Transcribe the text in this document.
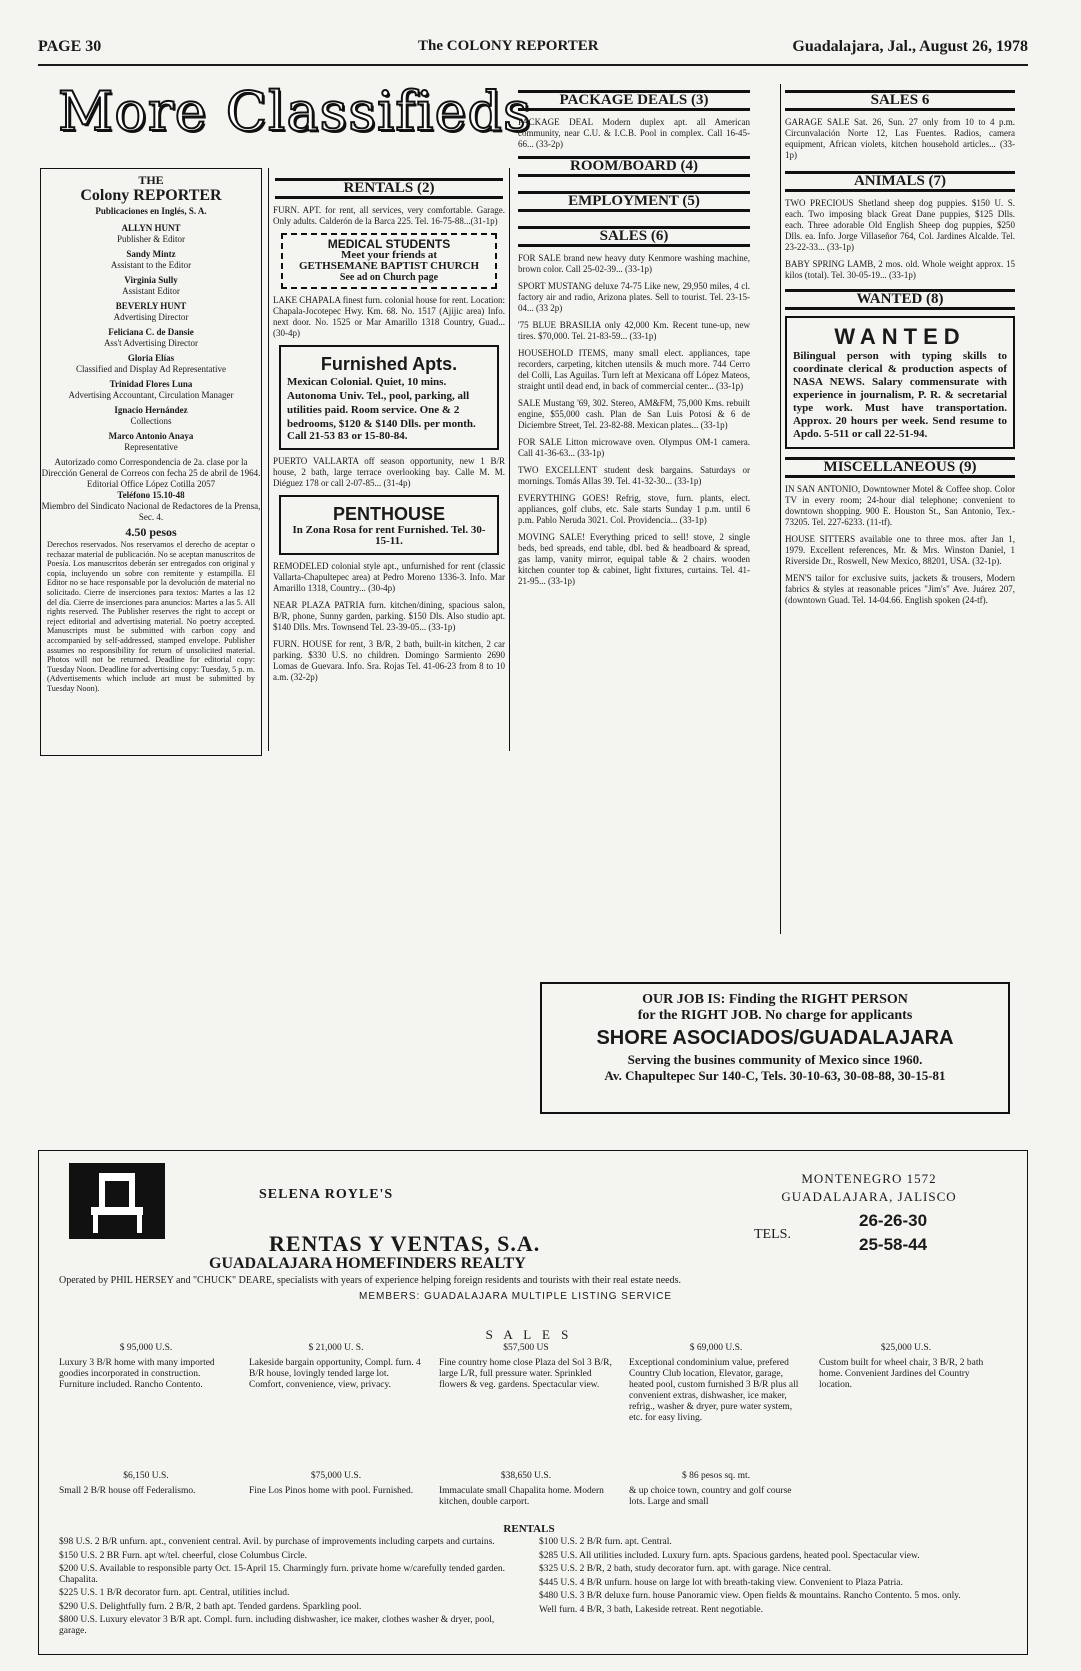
PAGE 30	The COLONY REPORTER	Guadalajara, Jal., August 26, 1978
More Classifieds

THE

Colony REPORTER

Publicaciones en Inglés, S. A.

ALLYN HUNT

Publisher & Editor

Sandy Mintz

Assistant to the Editor

Virginia Sully

Assistant Editor

BEVERLY HUNT

Advertising Director

Feliciana C. de Dansie

Ass't Advertising Director

Gloria Elías

Classified and Display Ad Representative

Trinidad Flores Luna

Advertising Accountant, Circulation Manager

Ignacio Hernández

Collections

Marco Antonio Anaya

Representative

Autorizado como Correspondencia de 2a. clase por la Dirección General de Correos con fecha 25 de abril de 1964.

Editorial Office López Cotilla 2057

Teléfono 15.10-48

Miembro del Sindicato Nacional de Redactores de la Prensa, Sec. 4.

4.50 pesos

Derechos reservados. Nos reservamos el derecho de aceptar o rechazar material de publicación. No se aceptan manuscritos de Poesía. Los manuscritos deberán ser entregados con original y copia, incluyendo un sobre con remitente y estampilla. El Editor no se hace responsable por la devolución de material no solicitado. Cierre de inserciones para textos: Martes a las 12 del día. Cierre de inserciones para anuncios: Martes a las 5. All rights reserved. The Publisher reserves the right to accept or reject editorial and advertising material. No poetry accepted. Manuscripts must be submitted with carbon copy and accompanied by self-addressed, stamped envelope. Publisher assumes no responsibility for return of unsolicited material. Photos will not be returned. Deadline for editorial copy: Tuesday Noon. Deadline for advertising copy: Tuesday, 5 p. m. (Advertisements which include art must be submitted by Tuesday Noon).

RENTALS (2)
FURN. APT. for rent, all services, very comfortable. Garage. Only adults. Calderón de la Barca 225. Tel. 16-75-88...(31-1p)
MEDICAL STUDENTS
Meet your friends at
GETHSEMANE BAPTIST CHURCH
See ad on Church page
LAKE CHAPALA finest furn. colonial house for rent. Location: Chapala-Jocotepec Hwy. Km. 68. No. 1517 (Ajijic area) Info. next door. No. 1525 or Mar Amarillo 1318 Country, Guad... (30-4p)
Furnished Apts.
Mexican Colonial. Quiet, 10 mins. Autonoma Univ. Tel., pool, parking, all utilities paid. Room service. One & 2 bedrooms, $120 & $140 Dlls. per month.
Call 21-53 83 or 15-80-84.
PUERTO VALLARTA off season opportunity, new 1 B/R house, 2 bath, large terrace overlooking bay. Calle M. M. Diéguez 178 or call 2-07-85... (31-4p)
PENTHOUSE
In Zona Rosa for rent Furnished. Tel. 30-15-11.
REMODELED colonial style apt., unfurnished for rent (classic Vallarta-Chapultepec area) at Pedro Moreno 1336-3. Info. Mar Amarillo 1318, Country... (30-4p)
NEAR PLAZA PATRIA furn. kitchen/dining, spacious salon, B/R, phone, Sunny garden, parking. $150 Dls. Also studio apt. $140 Dlls. Mrs. Townsend Tel. 23-39-05... (33-1p)
FURN. HOUSE for rent, 3 B/R, 2 bath, built-in kitchen, 2 car parking. $330 U.S. no children. Domingo Sarmiento 2690 Lomas de Guevara. Info. Sra. Rojas Tel. 41-06-23 from 8 to 10 a.m. (32-2p)
PACKAGE DEALS (3)
PACKAGE DEAL Modern duplex apt. all American community, near C.U. & I.C.B. Pool in complex. Call 16-45-66... (33-2p)
ROOM/BOARD (4)
EMPLOYMENT (5)
SALES (6)
FOR SALE brand new heavy duty Kenmore washing machine, brown color. Call 25-02-39... (33-1p)
SPORT MUSTANG deluxe 74-75 Like new, 29,950 miles, 4 cl. factory air and radio, Arizona plates. Sell to tourist. Tel. 23-15-04... (33 2p)
'75 BLUE BRASILIA only 42,000 Km. Recent tune-up, new tires. $70,000. Tel. 21-83-59... (33-1p)
HOUSEHOLD ITEMS, many small elect. appliances, tape recorders, carpeting, kitchen utensils & much more. 744 Cerro del Colli, Las Aguilas. Turn left at Mexicana off López Mateos, straight until dead end, in back of commercial center... (33-1p)
SALE Mustang '69, 302. Stereo, AM&FM, 75,000 Kms. rebuilt engine, $55,000 cash. Plan de San Luis Potosí & 6 de Diciembre Street, Tel. 23-82-88. Mexican plates... (33-1p)
FOR SALE Litton microwave oven. Olympus OM-1 camera. Call 41-36-63... (33-1p)
TWO EXCELLENT student desk bargains. Saturdays or mornings. Tomás Allas 39. Tel. 41-32-30... (33-1p)
EVERYTHING GOES! Refrig, stove, furn. plants, elect. appliances, golf clubs, etc. Sale starts Sunday 1 p.m. until 6 p.m. Pablo Neruda 3021. Col. Providencia... (33-1p)
MOVING SALE! Everything priced to sell! stove, 2 single beds, bed spreads, end table, dbl. bed & headboard & spread, gas lamp, vanity mirror, equipal table & 2 chairs. wooden kitchen counter top & cabinet, light fixtures, curtains. Tel. 41-21-95... (33-1p)
SALES 6
GARAGE SALE Sat. 26, Sun. 27 only from 10 to 4 p.m. Circunvalación Norte 12, Las Fuentes. Radios, camera equipment, African violets, kitchen household articles... (33-1p)
ANIMALS (7)
TWO PRECIOUS Shetland sheep dog puppies. $150 U. S. each. Two imposing black Great Dane puppies, $125 Dlls. each. Three adorable Old English Sheep dog puppies, $250 Dlls. ea. Info. Jorge Villaseñor 764, Col. Jardines Alcalde. Tel. 23-22-33... (33-1p)
BABY SPRING LAMB, 2 mos. old. Whole weight approx. 15 kilos (total). Tel. 30-05-19... (33-1p)
WANTED (8)
WANTED
Bilingual person with typing skills to coordinate clerical & production aspects of NASA NEWS. Salary commensurate with experience in journalism, P. R. & secretarial type work. Must have transportation. Approx. 20 hours per week. Send resume to Apdo. 5-511 or call 22-51-94.
MISCELLANEOUS (9)
IN SAN ANTONIO, Downtowner Motel & Coffee shop. Color TV in every room; 24-hour dial telephone; convenient to downtown shopping. 900 E. Houston St., San Antonio, Tex.- 73205. Tel. 227-6233. (11-tf).
HOUSE SITTERS available one to three mos. after Jan 1, 1979. Excellent references, Mr. & Mrs. Winston Daniel, 1 Riverside Dr., Roswell, New Mexico, 88201, USA. (32-1p).
MEN'S tailor for exclusive suits, jackets & trousers, Modern fabrics & styles at reasonable prices "Jim's" Ave. Juárez 207, (downtown Guad. Tel. 14-04.66. English spoken (24-tf).
OUR JOB IS: Finding the RIGHT PERSON
for the RIGHT JOB. No charge for applicants
SHORE ASOCIADOS/GUADALAJARA
Serving the busines community of Mexico since 1960.
Av. Chapultepec Sur 140-C, Tels. 30-10-63, 30-08-88, 30-15-81
SELENA ROYLE'S
RENTAS Y VENTAS, S.A.
GUADALAJARA HOMEFINDERS REALTY
Operated by PHIL HERSEY and "CHUCK" DEARE, specialists with years of experience helping foreign residents and tourists with their real estate needs.
MEMBERS: GUADALAJARA MULTIPLE LISTING SERVICE
MONTENEGRO 1572
GUADALAJARA, JALISCO
TELS.
26-26-30
25-58-44
S A L E S
$ 95,000 U.S.
Luxury 3 B/R home with many imported goodies incorporated in construction. Furniture included. Rancho Contento.
$ 21,000 U. S.
Lakeside bargain opportunity, Compl. furn. 4 B/R house, lovingly tended large lot. Comfort, convenience, view, privacy.
$57,500 US
Fine country home close Plaza del Sol 3 B/R, large L/R, full pressure water. Sprinkled flowers & veg. gardens. Spectacular view.
$ 69,000 U.S.
Exceptional condominium value, prefered Country Club location, Elevator, garage, heated pool, custom furnished 3 B/R plus all convenient extras, dishwasher, ice maker, refrig., washer & dryer, pure water system, etc. for easy living.
$25,000 U.S.
Custom built for wheel chair, 3 B/R, 2 bath home. Convenient Jardines del Country location.
$6,150 U.S.
Small 2 B/R house off Federalismo.
$75,000 U.S.
Fine Los Pinos home with pool. Furnished.
$38,650 U.S.
Immaculate small Chapalita home. Modern kitchen, double carport.
$ 86 pesos sq. mt.
& up choice town, country and golf course lots. Large and small
RENTALS
$98 U.S. 2 B/R unfurn. apt., convenient central. Avil. by purchase of improvements including carpets and curtains.
$150 U.S. 2 BR Furn. apt w/tel. cheerful, close Columbus Circle.
$200 U.S. Available to responsible party Oct. 15-April 15. Charmingly furn. private home w/carefully tended garden. Chapalita.
$225 U.S. 1 B/R decorator furn. apt. Central, utilities includ.
$290 U.S. Delightfully furn. 2 B/R, 2 bath apt. Tended gardens. Sparkling pool.
$800 U.S. Luxury elevator 3 B/R apt. Compl. furn. including dishwasher, ice maker, clothes washer & dryer, pool, garage.
$100 U.S. 2 B/R furn. apt. Central.
$285 U.S. All utilities included. Luxury furn. apts. Spacious gardens, heated pool. Spectacular view.
$325 U.S. 2 B/R, 2 bath, study decorator furn. apt. with garage. Nice central.
$445 U.S. 4 B/R unfurn. house on large lot with breath-taking view. Convenient to Plaza Patria.
$480 U.S. 3 B/R deluxe furn. house Panoramic view. Open fields & mountains. Rancho Contento. 5 mos. only.
Well furn. 4 B/R, 3 bath, Lakeside retreat. Rent negotiable.
